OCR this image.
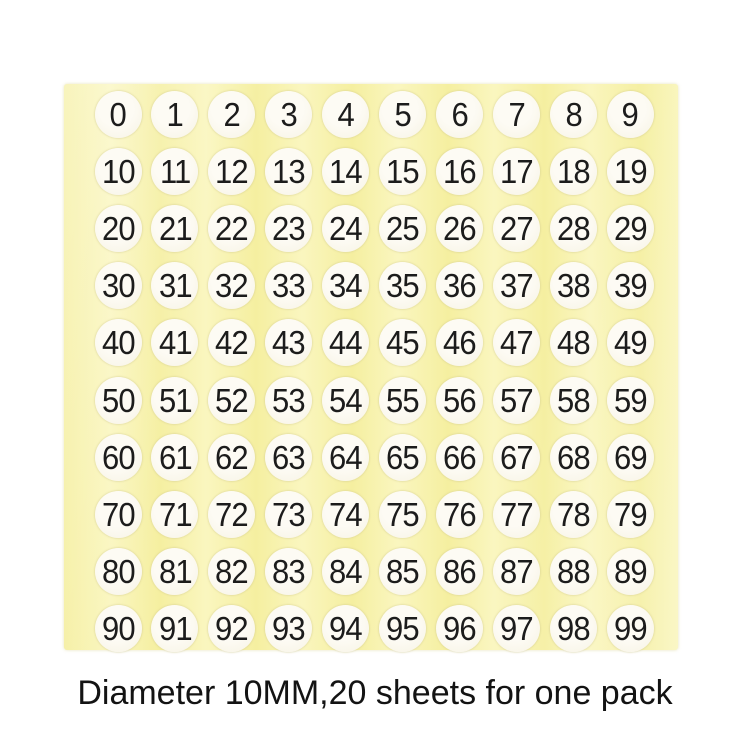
0 1 2 3 4 5 6 7 8 9
10 11 12 13 14 15 16 17 18 19
20 21 22 23 24 25 26 27 28 29
30 31 32 33 34 35 36 37 38 39
40 41 42 43 44 45 46 47 48 49
50 51 52 53 54 55 56 57 58 59
60 61 62 63 64 65 66 67 68 69
70 71 72 73 74 75 76 77 78 79
80 81 82 83 84 85 86 87 88 89
90 91 92 93 94 95 96 97 98 99
Diameter 10MM,20 sheets for one pack
